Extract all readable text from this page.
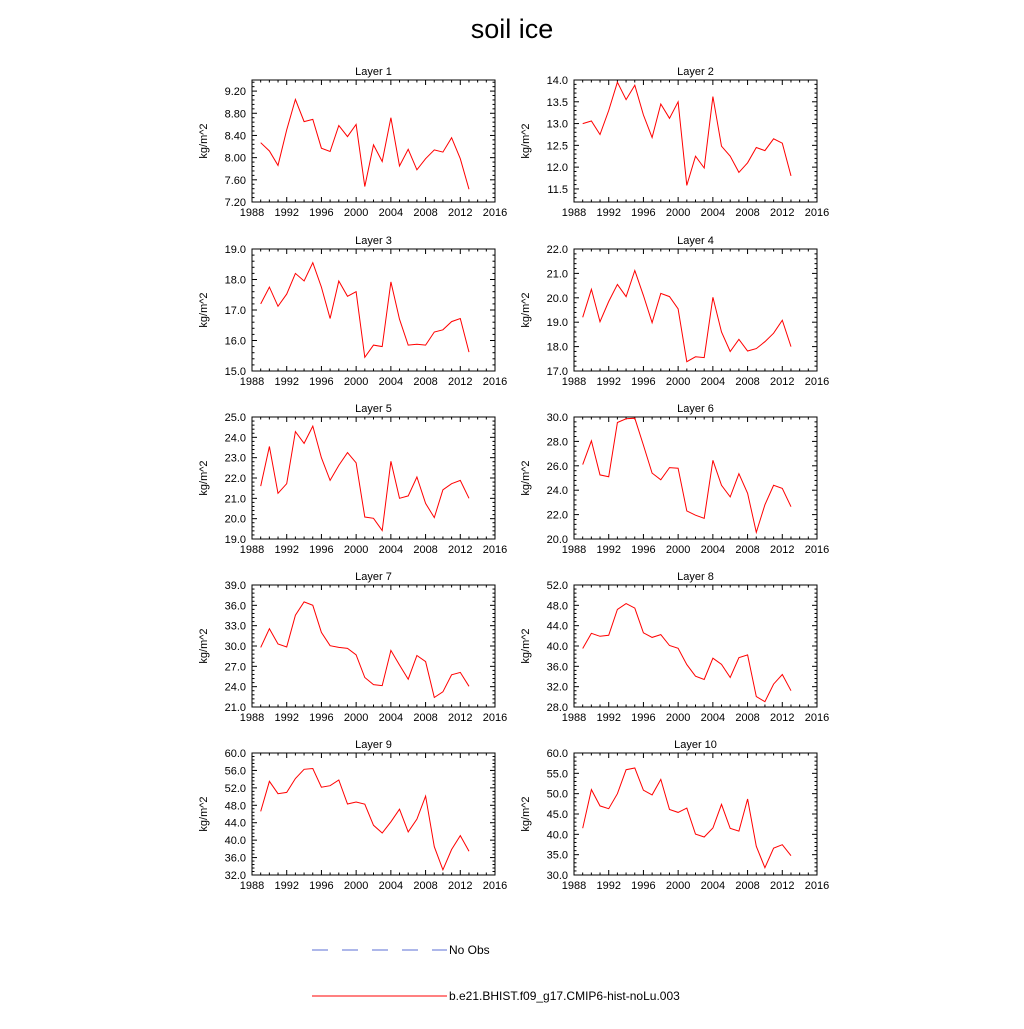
soil ice
Layer 1
kg/m^2
1988 1992 1996 2000 2004 2008 2012 2016
7.20
7.60
8.00
8.40
8.80
9.20
Layer 2
kg/m^2
1988 1992 1996 2000 2004 2008 2012 2016
11.5
12.0
12.5
13.0
13.5
14.0
Layer 3
kg/m^2
1988 1992 1996 2000 2004 2008 2012 2016
15.0
16.0
17.0
18.0
19.0
Layer 4
kg/m^2
1988 1992 1996 2000 2004 2008 2012 2016
17.0
18.0
19.0
20.0
21.0
22.0
Layer 5
kg/m^2
1988 1992 1996 2000 2004 2008 2012 2016
19.0
20.0
21.0
22.0
23.0
24.0
25.0
Layer 6
kg/m^2
1988 1992 1996 2000 2004 2008 2012 2016
20.0
22.0
24.0
26.0
28.0
30.0
Layer 7
kg/m^2
1988 1992 1996 2000 2004 2008 2012 2016
21.0
24.0
27.0
30.0
33.0
36.0
39.0
Layer 8
kg/m^2
1988 1992 1996 2000 2004 2008 2012 2016
28.0
32.0
36.0
40.0
44.0
48.0
52.0
Layer 9
kg/m^2
1988 1992 1996 2000 2004 2008 2012 2016
32.0
36.0
40.0
44.0
48.0
52.0
56.0
60.0
Layer 10
kg/m^2
1988 1992 1996 2000 2004 2008 2012 2016
30.0
35.0
40.0
45.0
50.0
55.0
60.0
No Obs
b.e21.BHIST.f09_g17.CMIP6-hist-noLu.003
